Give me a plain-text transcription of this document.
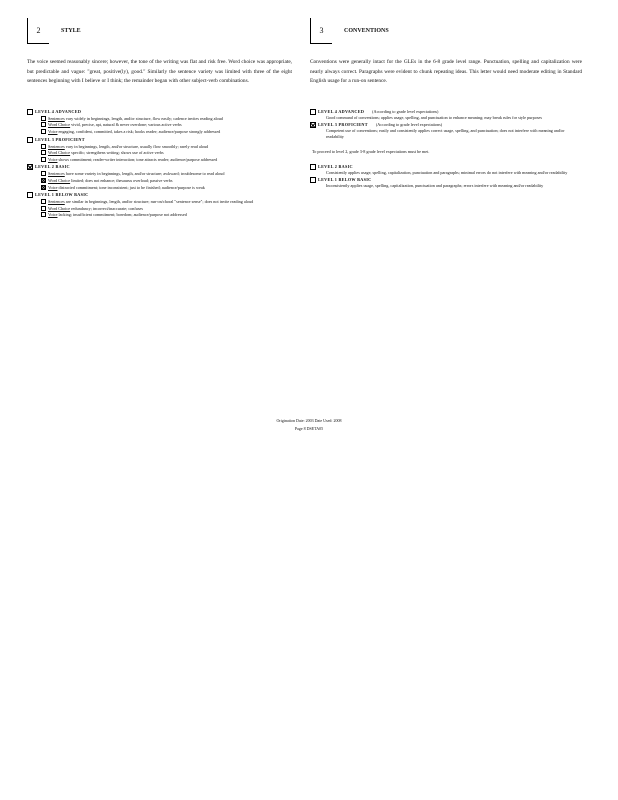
2	STYLE
The voice seemed reasonably sincere; however, the tone of the writing was flat and risk free. Word choice was appropriate, but predictable and vague: "great, positive(ly), good." Similarly the sentence variety was limited with three of the eight sentences beginning with I believe or I think; the remainder began with other subject-verb combinations.
LEVEL 4 ADVANCED
Sentences vary widely in beginnings, length, and/or structure, flow easily; cadence invites reading aloud
Word Choice vivid, precise, apt, natural & never overdone; various active verbs
Voice engaging, confident, committed, takes a risk; hooks reader; audience/purpose strongly addressed
LEVEL 3 PROFICIENT
Sentences vary in beginnings, length, and/or structure, usually flow smoothly; rarely read aloud
Word Choice specific; strengthens writing; shows use of active verbs
Voice shows commitment; reader-writer interaction; tone attracts reader; audience/purpose addressed
LEVEL 2 BASIC
Sentences have some variety in beginnings, length, and/or structure; awkward; troublesome to read aloud
Word Choice limited; does not enhance; thesaurus overload; passive verbs
Voice distracted commitment; tone inconsistent; just to be finished; audience/purpose is weak
LEVEL 1 BELOW BASIC
Sentences are similar in beginnings, length, and/or structure; run-on/choral "sentence sense"; does not invite reading aloud
Word Choice redundancy; incorrect/inaccurate; confuses
Voice lacking; insufficient commitment; boredom; audience/purpose not addressed
3	CONVENTIONS
Conventions were generally intact for the GLEs in the 6-8 grade level range. Punctuation, spelling and capitalization were nearly always correct. Paragraphs were evident to chunk repeating ideas. This letter would need moderate editing in Standard English usage for a run-on sentence.
LEVEL 4 ADVANCED (According to grade level expectations)
Good command of conventions; applies usage, spelling, and punctuation to enhance meaning; may break rules for style purposes
LEVEL 3 PROFICIENT (According to grade level expectations)
Competent use of conventions; easily and consistently applies correct usage, spelling, and punctuation; does not interfere with meaning and/or readability
To proceed to level 2, grade 3-8 grade level expectations must be met.
LEVEL 2 BASIC
Consistently applies usage, spelling, capitalization, punctuation and paragraphs; minimal errors do not interfere with meaning and/or readability
LEVEL 1 BELOW BASIC
Inconsistently applies usage, spelling, capitalization, punctuation and paragraphs; errors interfere with meaning and/or readability
Origination Date: 2003 Date Used: 2008
Page 8 DSETA05
